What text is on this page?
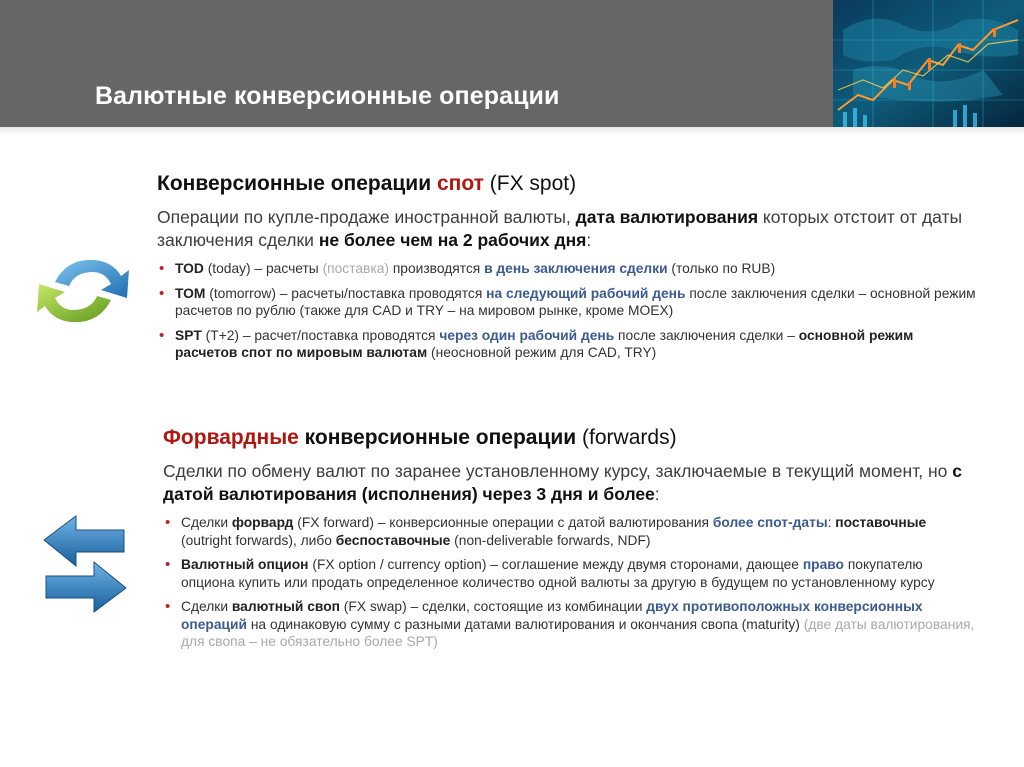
Валютные конверсионные операции
Конверсионные операции спот (FX spot)
Операции по купле-продаже иностранной валюты, дата валютирования которых отстоит от даты заключения сделки не более чем на 2 рабочих дня:
• TOD (today) – расчеты (поставка) производятся в день заключения сделки (только по RUB)
• TOM (tomorrow) – расчеты/поставка проводятся на следующий рабочий день после заключения сделки – основной режим расчетов по рублю (также для CAD и TRY – на мировом рынке, кроме MOEX)
• SPT (T+2) – расчет/поставка проводятся через один рабочий день после заключения сделки – основной режим расчетов спот по мировым валютам (неосновной режим для CAD, TRY)
Форвардные конверсионные операции (forwards)
Сделки по обмену валют по заранее установленному курсу, заключаемые в текущий момент, но с датой валютирования (исполнения) через 3 дня и более:
• Сделки форвард (FX forward) – конверсионные операции с датой валютирования более спот-даты: поставочные (outright forwards), либо беспоставочные (non-deliverable forwards, NDF)
• Валютный опцион (FX option / currency option) – соглашение между двумя сторонами, дающее право покупателю опциона купить или продать определенное количество одной валюты за другую в будущем по установленному курсу
• Сделки валютный своп (FX swap) – сделки, состоящие из комбинации двух противоположных конверсионных операций на одинаковую сумму с разными датами валютирования и окончания свопа (maturity) (две даты валютирования, для свопа – не обязательно более SPT)
